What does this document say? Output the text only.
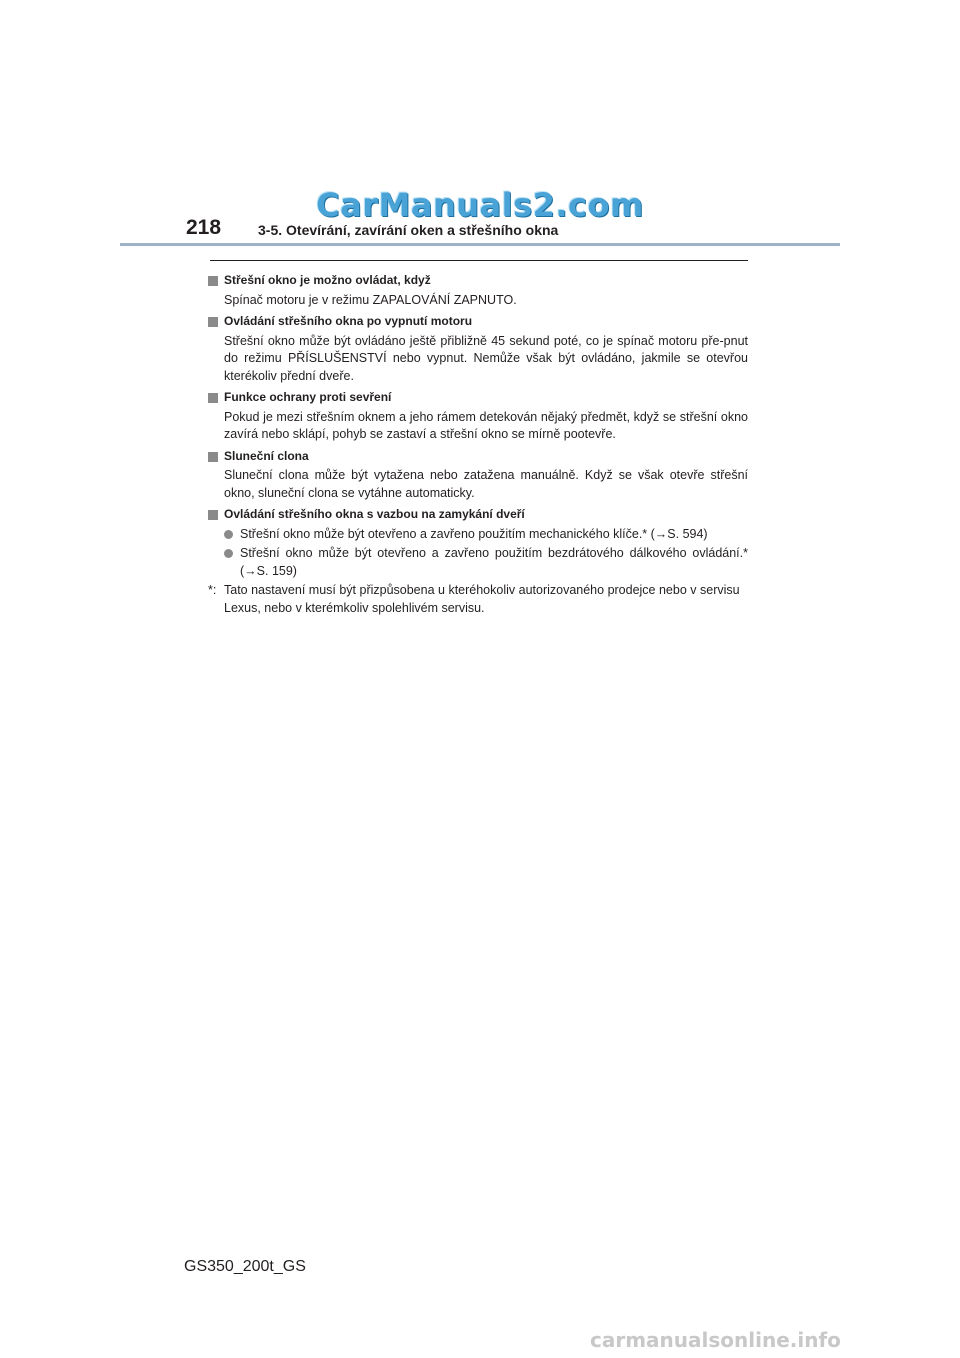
CarManuals2.com
218	3-5. Otevírání, zavírání oken a střešního okna
Střešní okno je možno ovládat, když
Spínač motoru je v režimu ZAPALOVÁNÍ ZAPNUTO.
Ovládání střešního okna po vypnutí motoru
Střešní okno může být ovládáno ještě přibližně 45 sekund poté, co je spínač motoru pře-pnut do režimu PŘÍSLUŠENSTVÍ nebo vypnut. Nemůže však být ovládáno, jakmile se otevřou kterékoliv přední dveře.
Funkce ochrany proti sevření
Pokud je mezi střešním oknem a jeho rámem detekován nějaký předmět, když se střešní okno zavírá nebo sklápí, pohyb se zastaví a střešní okno se mírně pootevře.
Sluneční clona
Sluneční clona může být vytažena nebo zatažena manuálně. Když se však otevře střešní okno, sluneční clona se vytáhne automaticky.
Ovládání střešního okna s vazbou na zamykání dveří
Střešní okno může být otevřeno a zavřeno použitím mechanického klíče.* (→S. 594)
Střešní okno může být otevřeno a zavřeno použitím bezdrátového dálkového ovládání.* (→S. 159)
*: Tato nastavení musí být přizpůsobena u kteréhokoliv autorizovaného prodejce nebo v servisu Lexus, nebo v kterémkoliv spolehlivém servisu.
GS350_200t_GS
carmanualsonline.info
